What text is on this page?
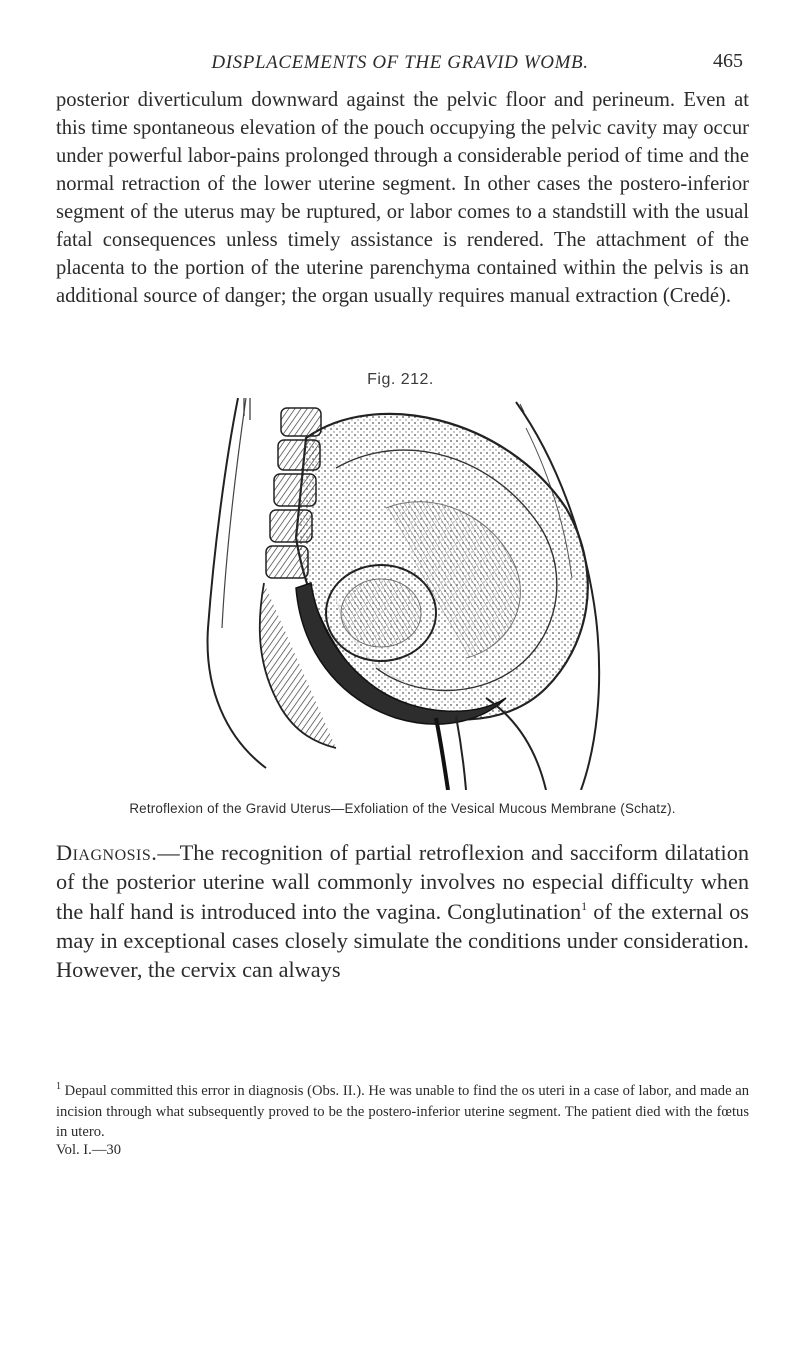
DISPLACEMENTS OF THE GRAVID WOMB.	465

posterior diverticulum downward against the pelvic floor and perineum. Even at this time spontaneous elevation of the pouch occupying the pelvic cavity may occur under powerful labor-pains prolonged through a considerable period of time and the normal retraction of the lower uterine segment. In other cases the postero-inferior segment of the uterus may be ruptured, or labor comes to a standstill with the usual fatal consequences unless timely assistance is rendered. The attachment of the placenta to the portion of the uterine parenchyma contained within the pelvis is an additional source of danger; the organ usually requires manual extraction (Credé).

Fig. 212.
Retroflexion of the Gravid Uterus—Exfoliation of the Vesical Mucous Membrane (Schatz).

Diagnosis.—The recognition of partial retroflexion and sacciform dilatation of the posterior uterine wall commonly involves no especial difficulty when the half hand is introduced into the vagina. Conglutination$^1$ of the external os may in exceptional cases closely simulate the conditions under consideration. However, the cervix can always

$^1$ Depaul committed this error in diagnosis (Obs. II.). He was unable to find the os uteri in a case of labor, and made an incision through what subsequently proved to be the postero-inferior uterine segment. The patient died with the fœtus in utero.

Vol. I.—30
